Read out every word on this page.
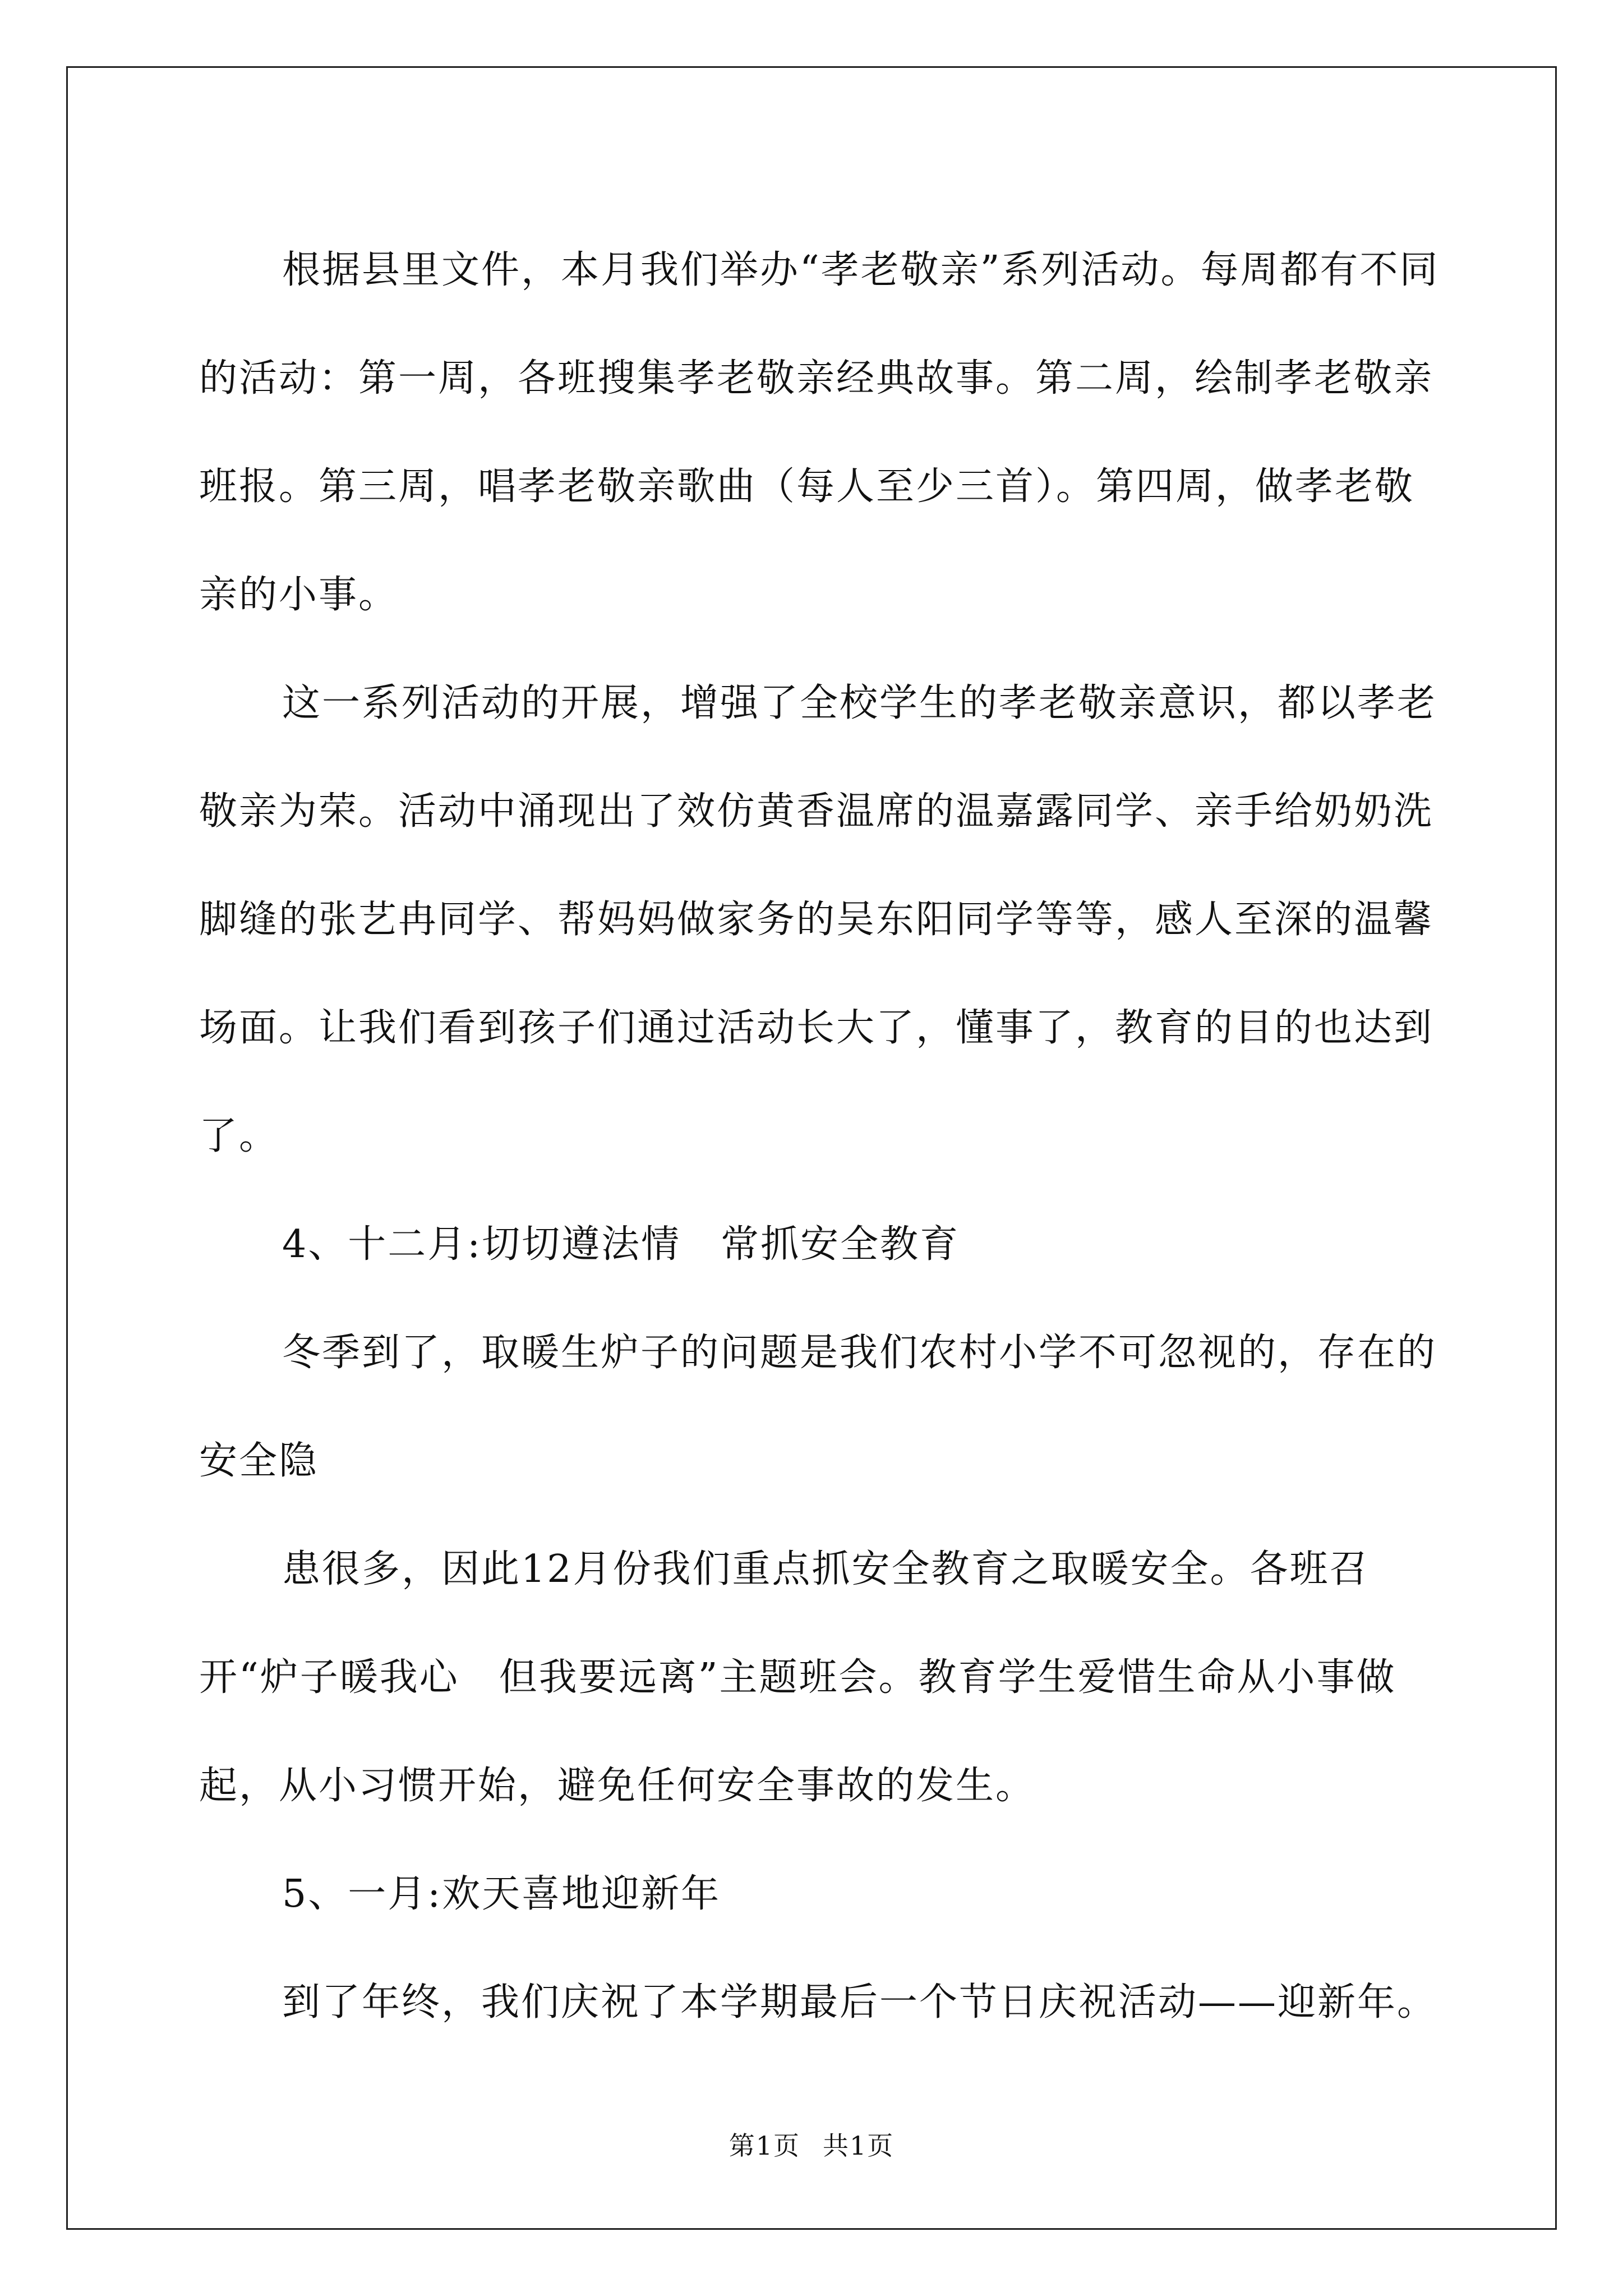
根据县里文件，本月我们举办“孝老敬亲”系列活动。每周都有不同的活动：第一周，各班搜集孝老敬亲经典故事。第二周，绘制孝老敬亲班报。第三周，唱孝老敬亲歌曲（每人至少三首）。第四周，做孝老敬亲的小事。

这一系列活动的开展，增强了全校学生的孝老敬亲意识，都以孝老敬亲为荣。活动中涌现出了效仿黄香温席的温嘉露同学、亲手给奶奶洗脚缝的张艺冉同学、帮妈妈做家务的吴东阳同学等等，感人至深的温馨场面。让我们看到孩子们通过活动长大了，懂事了，教育的目的也达到了。

4、十二月:切切遵法情　常抓安全教育

冬季到了，取暖生炉子的问题是我们农村小学不可忽视的，存在的安全隐

患很多，因此12月份我们重点抓安全教育之取暖安全。各班召开“炉子暖我心　但我要远离”主题班会。教育学生爱惜生命从小事做起，从小习惯开始，避免任何安全事故的发生。

5、一月:欢天喜地迎新年

到了年终，我们庆祝了本学期最后一个节日庆祝活动——迎新年。

第1页 共1页
